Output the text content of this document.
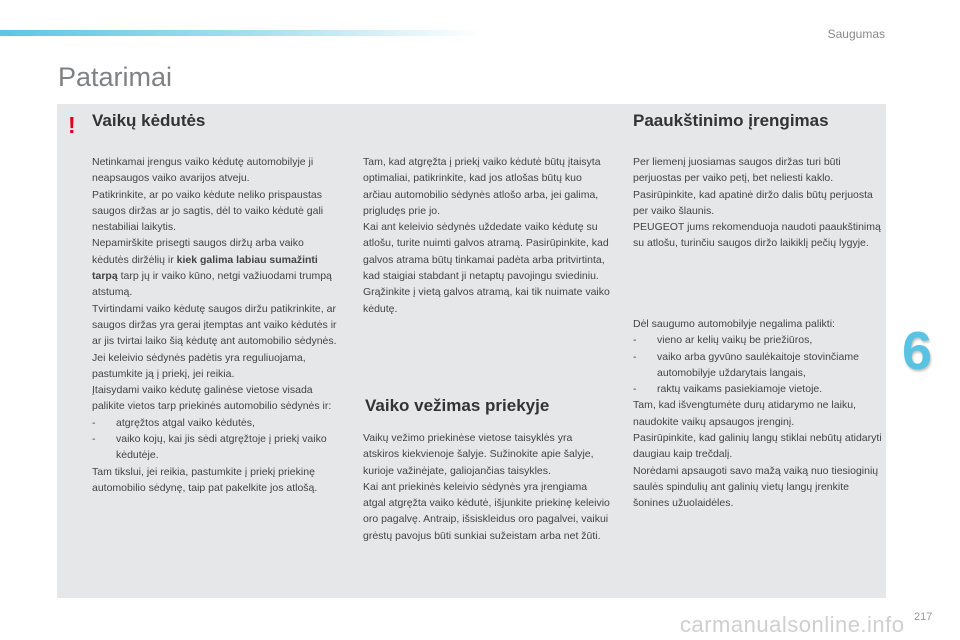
Saugumas
Patarimai
! Vaikų kėdutės	Paaukštinimo įrengimas

Netinkamai įrengus vaiko kėdutę automobilyje ji neapsaugos vaiko avarijos atveju.

Patikrinkite, ar po vaiko kėdute neliko prispaustas saugos diržas ar jo sagtis, dėl to vaiko kėdutė gali nestabiliai laikytis.

Nepamirškite prisegti saugos diržų arba vaiko kėdutės diržėlių ir kiek galima labiau sumažinti tarpą tarp jų ir vaiko kūno, netgi važiuodami trumpą atstumą.

Tvirtindami vaiko kėdutę saugos diržu patikrinkite, ar saugos diržas yra gerai įtemptas ant vaiko kėdutės ir ar jis tvirtai laiko šią kėdutę ant automobilio sėdynės. Jei keleivio sėdynės padėtis yra reguliuojama, pastumkite ją į priekį, jei reikia.

Įtaisydami vaiko kėdutę galinėse vietose visada palikite vietos tarp priekinės automobilio sėdynės ir:

- atgręžtos atgal vaiko kėdutės,

- vaiko kojų, kai jis sėdi atgręžtoje į priekį vaiko kėdutėje.

Tam tikslui, jei reikia, pastumkite į priekį priekinę automobilio sėdynę, taip pat pakelkite jos atlošą.

Tam, kad atgręžta į priekį vaiko kėdutė būtų įtaisyta optimaliai, patikrinkite, kad jos atlošas būtų kuo arčiau automobilio sėdynės atlošo arba, jei galima, prigludęs prie jo.

Kai ant keleivio sėdynės uždedate vaiko kėdutę su atlošu, turite nuimti galvos atramą. Pasirūpinkite, kad galvos atrama būtų tinkamai padėta arba pritvirtinta, kad staigiai stabdant ji netaptų pavojingu sviediniu. Grąžinkite į vietą galvos atramą, kai tik nuimate vaiko kėdutę.

Vaiko vežimas priekyje

Vaikų vežimo priekinėse vietose taisyklės yra atskiros kiekvienoje šalyje. Sužinokite apie šalyje, kurioje važinėjate, galiojančias taisykles.

Kai ant priekinės keleivio sėdynės yra įrengiama atgal atgręžta vaiko kėdutė, išjunkite priekinę keleivio oro pagalvę. Antraip, išsiskleidus oro pagalvei, vaikui grėstų pavojus būti sunkiai sužeistam arba net žūti.

Per liemenį juosiamas saugos diržas turi būti perjuostas per vaiko petį, bet neliesti kaklo.

Pasirūpinkite, kad apatinė diržo dalis būtų perjuosta per vaiko šlaunis.

PEUGEOT jums rekomenduoja naudoti paaukštinimą su atlošu, turinčiu saugos diržo laikiklį pečių lygyje.

Dėl saugumo automobilyje negalima palikti:

- vieno ar kelių vaikų be priežiūros,

- vaiko arba gyvūno saulėkaitoje stovinčiame automobilyje uždarytais langais,

- raktų vaikams pasiekiamoje vietoje.

Tam, kad išvengtumėte durų atidarymo ne laiku, naudokite vaikų apsaugos įrenginį.

Pasirūpinkite, kad galinių langų stiklai nebūtų atidaryti daugiau kaip trečdalį.

Norėdami apsaugoti savo mažą vaiką nuo tiesioginių saulės spindulių ant galinių vietų langų įrenkite šonines užuolaidėles.

6
217
carmanualsonline.info
